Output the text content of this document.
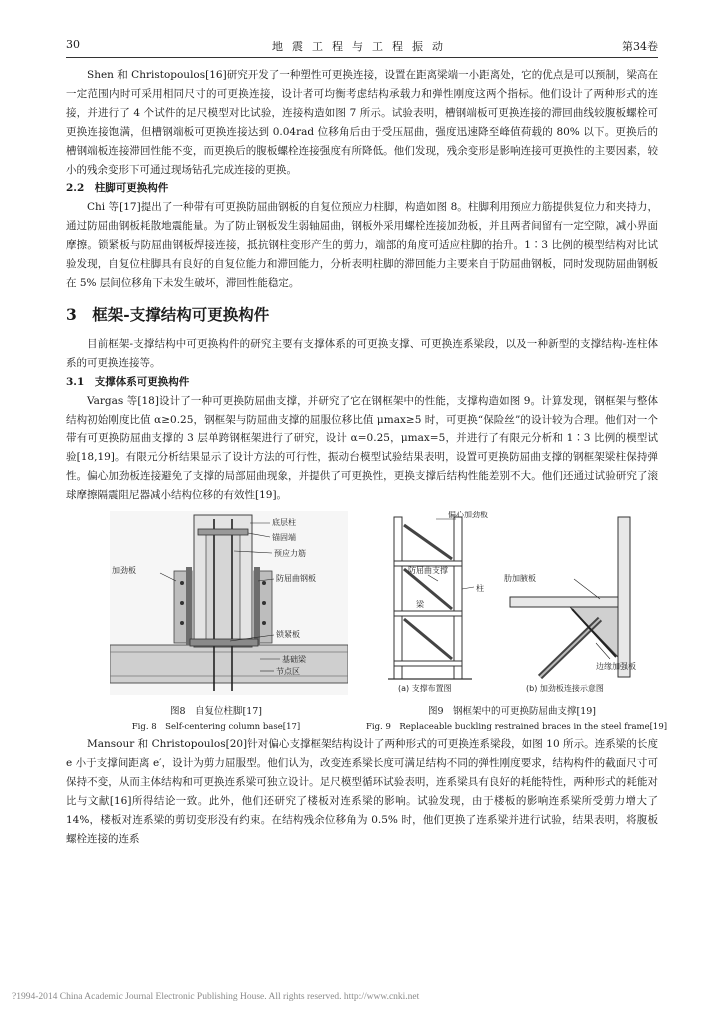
30	地震工程与工程振动	第34卷

Shen 和 Christopoulos[16]研究开发了一种塑性可更换连接，设置在距离梁端一小距离处，它的优点是可以预制，梁高在一定范围内时可采用相同尺寸的可更换连接，设计者可均衡考虑结构承载力和弹性刚度这两个指标。他们设计了两种形式的连接，并进行了 4 个试件的足尺模型对比试验，连接构造如图 7 所示。试验表明，槽钢端板可更换连接的滞回曲线较腹板螺栓可更换连接饱满，但槽钢端板可更换连接达到 0.04rad 位移角后由于受压屈曲，强度迅速降至峰值荷载的 80% 以下。更换后的槽钢端板连接滞回性能不变，而更换后的腹板螺栓连接强度有所降低。他们发现，残余变形是影响连接可更换性的主要因素，较小的残余变形下可通过现场钻孔完成连接的更换。

2.2　柱脚可更换构件

Chi 等[17]提出了一种带有可更换防屈曲钢板的自复位预应力柱脚，构造如图 8。柱脚利用预应力筋提供复位力和夹持力，通过防屈曲钢板耗散地震能量。为了防止钢板发生弱轴屈曲，钢板外采用螺栓连接加劲板，并且两者间留有一定空隙，减小界面摩擦。锁紧板与防屈曲钢板焊接连接，抵抗钢柱变形产生的剪力，端部的角度可适应柱脚的抬升。1∶3 比例的模型结构对比试验发现，自复位柱脚具有良好的自复位能力和滞回能力，分析表明柱脚的滞回能力主要来自于防屈曲钢板，同时发现防屈曲钢板在 5% 层间位移角下未发生破坏，滞回性能稳定。

3　框架-支撑结构可更换构件

目前框架-支撑结构中可更换构件的研究主要有支撑体系的可更换支撑、可更换连系梁段，以及一种新型的支撑结构-连柱体系的可更换连接等。

3.1　支撑体系可更换构件

Vargas 等[18]设计了一种可更换防屈曲支撑，并研究了它在钢框架中的性能，支撑构造如图 9。计算发现，钢框架与整体结构初始刚度比值 α≥0.25，钢框架与防屈曲支撑的屈服位移比值 μmax≥5 时，可更换“保险丝”的设计较为合理。他们对一个带有可更换防屈曲支撑的 3 层单跨钢框架进行了研究，设计 α=0.25，μmax=5，并进行了有限元分析和 1∶3 比例的模型试验[18,19]。有限元分析结果显示了设计方法的可行性，振动台模型试验结果表明，设置可更换防屈曲支撑的钢框架梁柱保持弹性。偏心加劲板连接避免了支撑的局部屈曲现象，并提供了可更换性，更换支撑后结构性能差别不大。他们还通过试验研究了滚球摩擦隔震阻尼器减小结构位移的有效性[19]。

底层柱
锚固端
预应力筋
加劲板
防屈曲钢板
锁紧板
基础梁
节点区
偏心加劲板
防屈曲支撑
柱
梁
(a) 支撑布置图
肋加腋板
边缘加强板
(b) 加劲板连接示意图
图8　自复位柱脚[17]
Fig. 8　Self-centering column base[17]
图9　钢框架中的可更换防屈曲支撑[19]
Fig. 9　Replaceable buckling restrained braces in the steel frame[19]

Mansour 和 Christopoulos[20]针对偏心支撑框架结构设计了两种形式的可更换连系梁段，如图 10 所示。连系梁的长度 e 小于支撑间距离 e′，设计为剪力屈服型。他们认为，改变连系梁长度可满足结构不同的弹性刚度要求，结构构件的截面尺寸可保持不变，从而主体结构和可更换连系梁可独立设计。足尺模型循环试验表明，连系梁具有良好的耗能特性，两种形式的耗能对比与文献[16]所得结论一致。此外，他们还研究了楼板对连系梁的影响。试验发现，由于楼板的影响连系梁所受剪力增大了 14%，楼板对连系梁的剪切变形没有约束。在结构残余位移角为 0.5% 时，他们更换了连系梁并进行试验，结果表明，将腹板螺栓连接的连系

?1994-2014 China Academic Journal Electronic Publishing House. All rights reserved. http://www.cnki.net
